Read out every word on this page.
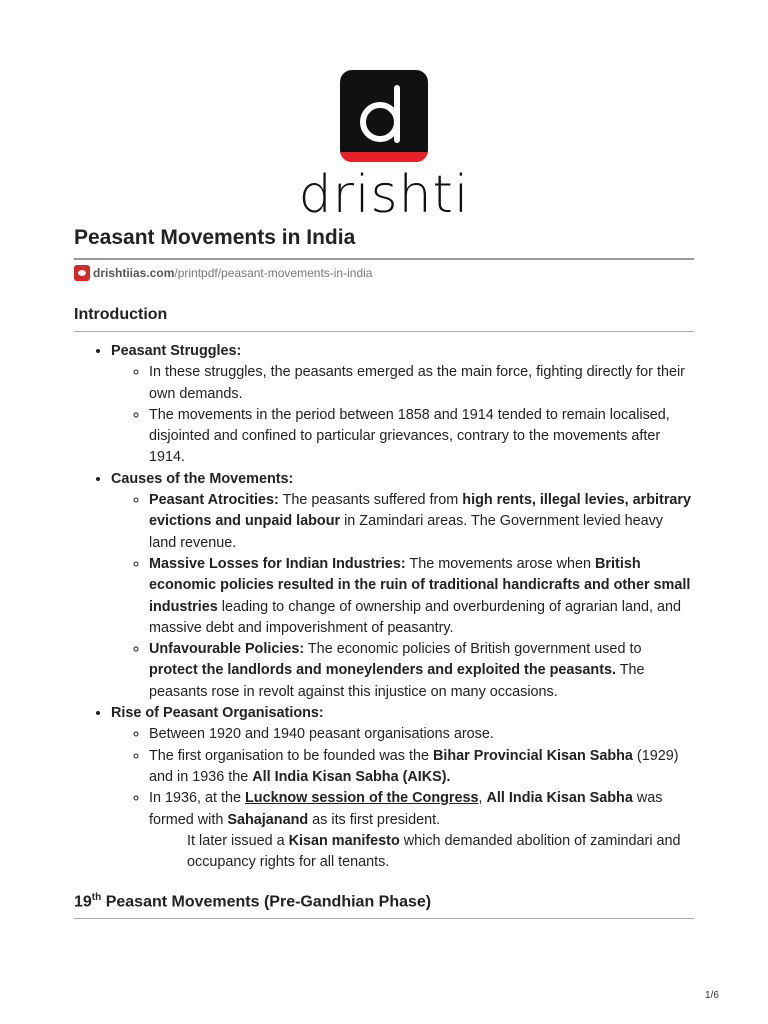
drishti
Peasant Movements in India
drishtiias.com /printpdf/peasant-movements-in-india
Introduction
• Peasant Struggles:
◦ In these struggles, the peasants emerged as the main force, fighting directly for their own demands.
◦ The movements in the period between 1858 and 1914 tended to remain localised, disjointed and confined to particular grievances, contrary to the movements after 1914.
• Causes of the Movements:
◦ Peasant Atrocities: The peasants suffered from high rents, illegal levies, arbitrary evictions and unpaid labour in Zamindari areas. The Government levied heavy land revenue.
◦ Massive Losses for Indian Industries: The movements arose when British economic policies resulted in the ruin of traditional handicrafts and other small industries leading to change of ownership and overburdening of agrarian land, and massive debt and impoverishment of peasantry.
◦ Unfavourable Policies: The economic policies of British government used to protect the landlords and moneylenders and exploited the peasants. The peasants rose in revolt against this injustice on many occasions.
• Rise of Peasant Organisations:
◦ Between 1920 and 1940 peasant organisations arose.
◦ The first organisation to be founded was the Bihar Provincial Kisan Sabha (1929) and in 1936 the All India Kisan Sabha (AIKS).
◦ In 1936, at the Lucknow session of the Congress, All India Kisan Sabha was formed with Sahajanand as its first president.

It later issued a Kisan manifesto which demanded abolition of zamindari and occupancy rights for all tenants.

19th Peasant Movements (Pre-Gandhian Phase)
1/6
